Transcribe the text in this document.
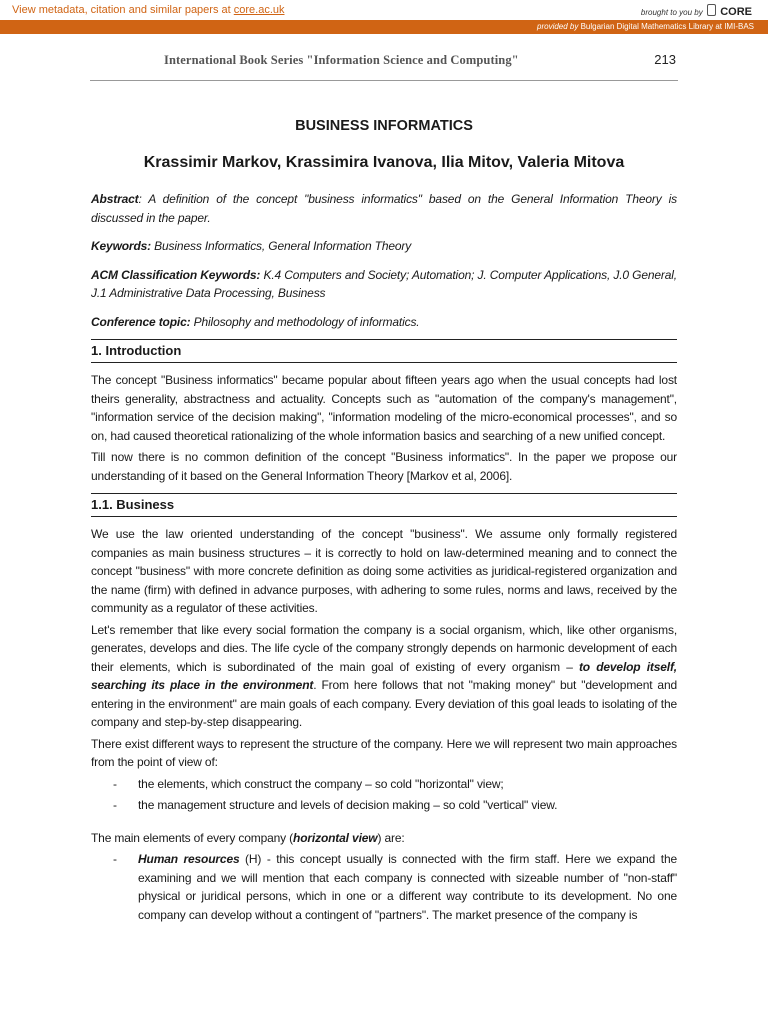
View metadata, citation and similar papers at core.ac.uk	brought to you by CORE
provided by Bulgarian Digital Mathematics Library at IMI-BAS
International Book Series "Information Science and Computing"	213
BUSINESS INFORMATICS
Krassimir Markov, Krassimira Ivanova, Ilia Mitov, Valeria Mitova

Abstract: A definition of the concept "business informatics" based on the General Information Theory is discussed in the paper.

Keywords: Business Informatics, General Information Theory

ACM Classification Keywords: K.4 Computers and Society; Automation; J. Computer Applications, J.0 General, J.1 Administrative Data Processing, Business

Conference topic: Philosophy and methodology of informatics.

1. Introduction

The concept "Business informatics" became popular about fifteen years ago when the usual concepts had lost theirs generality, abstractness and actuality. Concepts such as "automation of the company's management", "information service of the decision making", "information modeling of the micro-economical processes", and so on, had caused theoretical rationalizing of the whole information basics and searching of a new unified concept.

Till now there is no common definition of the concept "Business informatics". In the paper we propose our understanding of it based on the General Information Theory [Markov et al, 2006].

1.1. Business

We use the law oriented understanding of the concept "business". We assume only formally registered companies as main business structures – it is correctly to hold on law-determined meaning and to connect the concept "business" with more concrete definition as doing some activities as juridical-registered organization and the name (firm) with defined in advance purposes, with adhering to some rules, norms and laws, received by the community as a regulator of these activities.

Let's remember that like every social formation the company is a social organism, which, like other organisms, generates, develops and dies. The life cycle of the company strongly depends on harmonic development of each their elements, which is subordinated of the main goal of existing of every organism – to develop itself, searching its place in the environment. From here follows that not "making money" but "development and entering in the environment" are main goals of each company. Every deviation of this goal leads to isolating of the company and step-by-step disappearing.

There exist different ways to represent the structure of the company. Here we will represent two main approaches from the point of view of:

- the elements, which construct the company – so cold "horizontal" view;
- the management structure and levels of decision making – so cold "vertical" view.

The main elements of every company (horizontal view) are:

- Human resources (H) - this concept usually is connected with the firm staff. Here we expand the examining and we will mention that each company is connected with sizeable number of "non-staff" physical or juridical persons, which in one or a different way contribute to its development. No one company can develop without a contingent of "partners". The market presence of the company is
